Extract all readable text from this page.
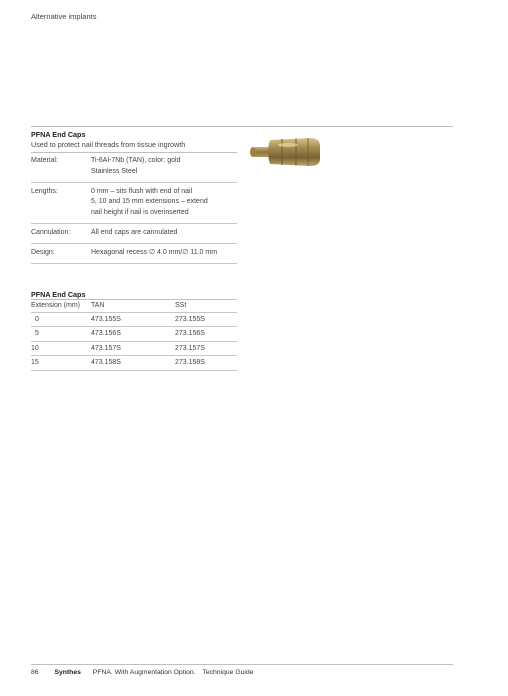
Alternative implants
PFNA End Caps
Used to protect nail threads from tissue ingrowth
Material:	Ti-6Al-7Nb (TAN), color: gold
Stainless Steel

Lengths:	0 mm – sits flush with end of nail
5, 10 and 15 mm extensions – extend
nail height if nail is overinserted

Cannulation:	All end caps are cannulated

Design:	Hexagonal recess ∅ 4.0 mm/∅ 11.0 mm
PFNA End Caps
Extension (mm)	TAN	SSt
0	473.155S	273.155S
5	473.156S	273.156S
10	473.157S	273.157S
15	473.158S	273.158S
86 Synthes PFNA. With Augmentation Option. Technique Guide
